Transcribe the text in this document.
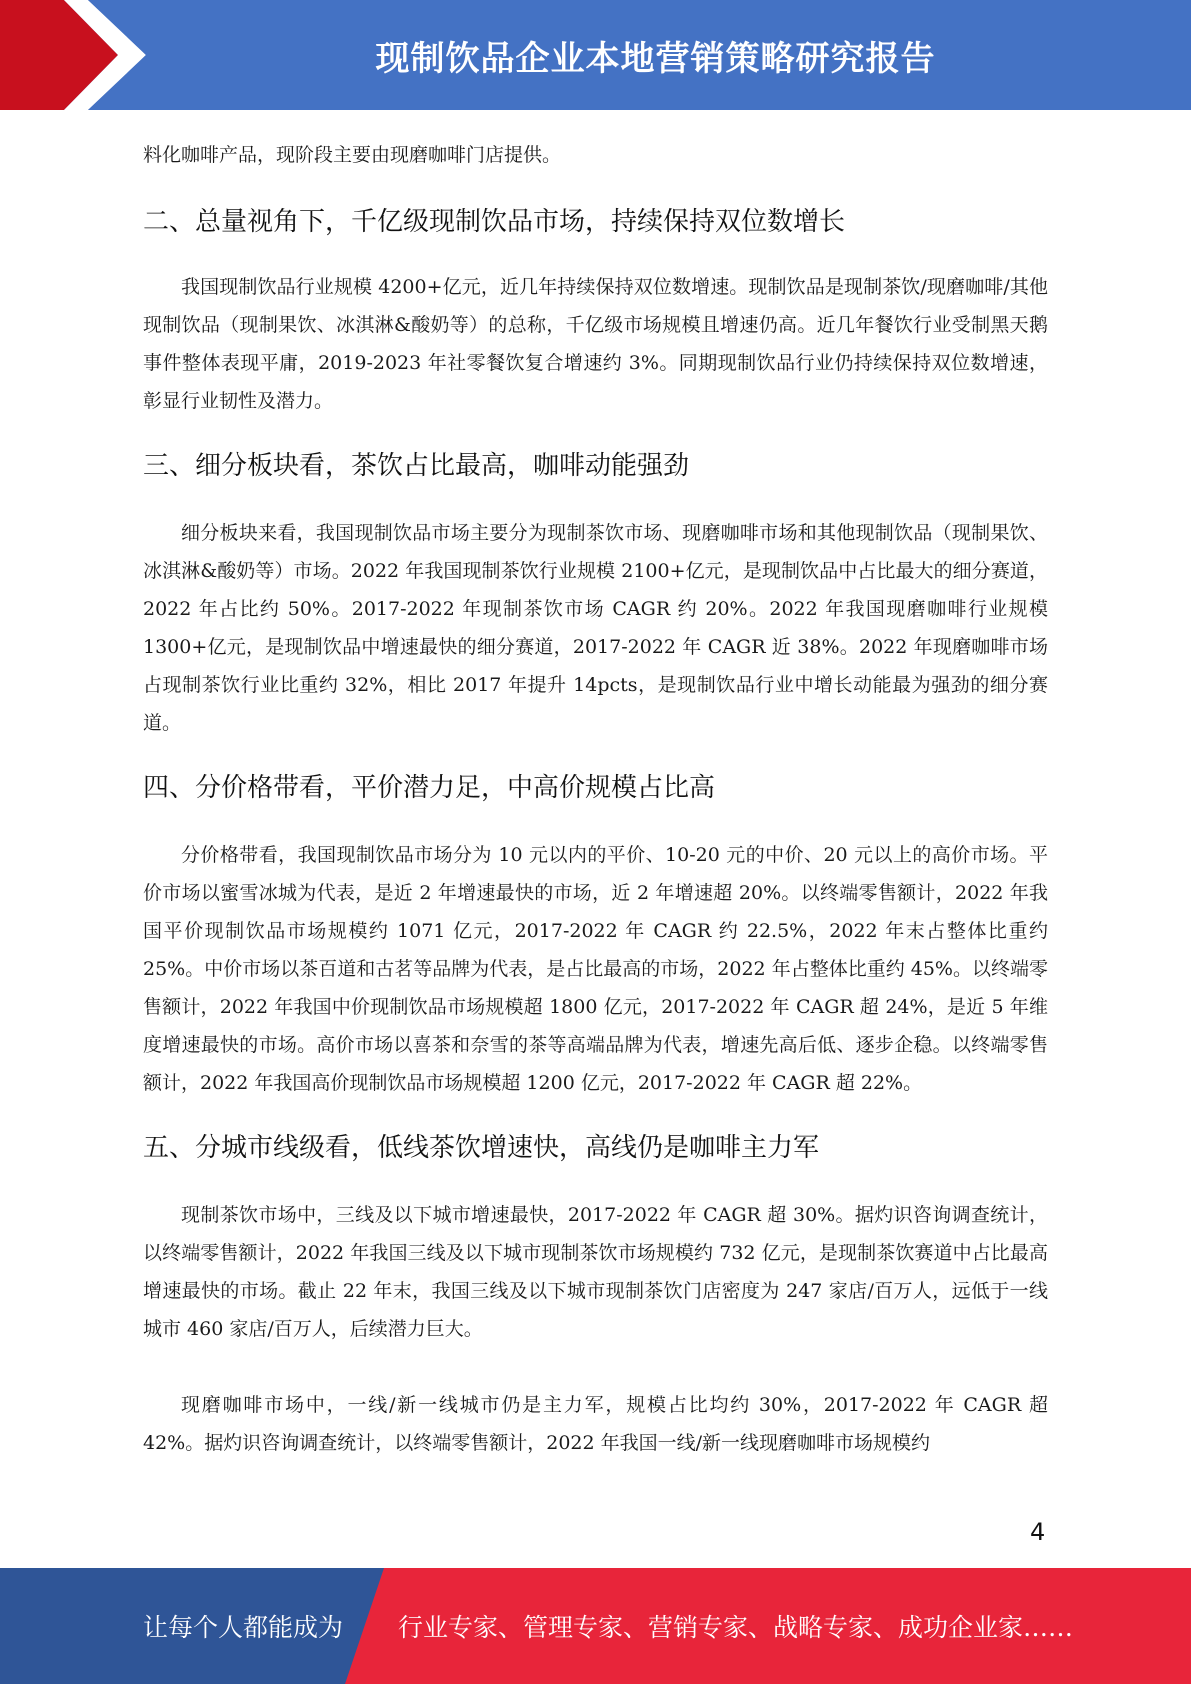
现制饮品企业本地营销策略研究报告

料化咖啡产品，现阶段主要由现磨咖啡门店提供。

二、总量视角下，千亿级现制饮品市场，持续保持双位数增长

我国现制饮品行业规模 4200+亿元，近几年持续保持双位数增速。现制饮品是现制茶饮/现磨咖啡/其他现制饮品（现制果饮、冰淇淋&酸奶等）的总称，千亿级市场规模且增速仍高。近几年餐饮行业受制黑天鹅事件整体表现平庸，2019-2023 年社零餐饮复合增速约 3%。同期现制饮品行业仍持续保持双位数增速，彰显行业韧性及潜力。

三、细分板块看，茶饮占比最高，咖啡动能强劲

细分板块来看，我国现制饮品市场主要分为现制茶饮市场、现磨咖啡市场和其他现制饮品（现制果饮、冰淇淋&酸奶等）市场。2022 年我国现制茶饮行业规模 2100+亿元，是现制饮品中占比最大的细分赛道，2022 年占比约 50%。2017-2022 年现制茶饮市场 CAGR 约 20%。2022 年我国现磨咖啡行业规模 1300+亿元，是现制饮品中增速最快的细分赛道，2017-2022 年 CAGR 近 38%。2022 年现磨咖啡市场占现制茶饮行业比重约 32%，相比 2017 年提升 14pcts，是现制饮品行业中增长动能最为强劲的细分赛道。

四、分价格带看，平价潜力足，中高价规模占比高

分价格带看，我国现制饮品市场分为 10 元以内的平价、10-20 元的中价、20 元以上的高价市场。平价市场以蜜雪冰城为代表，是近 2 年增速最快的市场，近 2 年增速超 20%。以终端零售额计，2022 年我国平价现制饮品市场规模约 1071 亿元，2017-2022 年 CAGR 约 22.5%，2022 年末占整体比重约 25%。中价市场以茶百道和古茗等品牌为代表，是占比最高的市场，2022 年占整体比重约 45%。以终端零售额计，2022 年我国中价现制饮品市场规模超 1800 亿元，2017-2022 年 CAGR 超 24%，是近 5 年维度增速最快的市场。高价市场以喜茶和奈雪的茶等高端品牌为代表，增速先高后低、逐步企稳。以终端零售额计，2022 年我国高价现制饮品市场规模超 1200 亿元，2017-2022 年 CAGR 超 22%。

五、分城市线级看，低线茶饮增速快，高线仍是咖啡主力军

现制茶饮市场中，三线及以下城市增速最快，2017-2022 年 CAGR 超 30%。据灼识咨询调查统计，以终端零售额计，2022 年我国三线及以下城市现制茶饮市场规模约 732 亿元，是现制茶饮赛道中占比最高增速最快的市场。截止 22 年末，我国三线及以下城市现制茶饮门店密度为 247 家店/百万人，远低于一线城市 460 家店/百万人，后续潜力巨大。

现磨咖啡市场中，一线/新一线城市仍是主力军，规模占比均约 30%，2017-2022 年 CAGR 超 42%。据灼识咨询调查统计，以终端零售额计，2022 年我国一线/新一线现磨咖啡市场规模约

4
让每个人都能成为 行业专家、管理专家、营销专家、战略专家、成功企业家……
